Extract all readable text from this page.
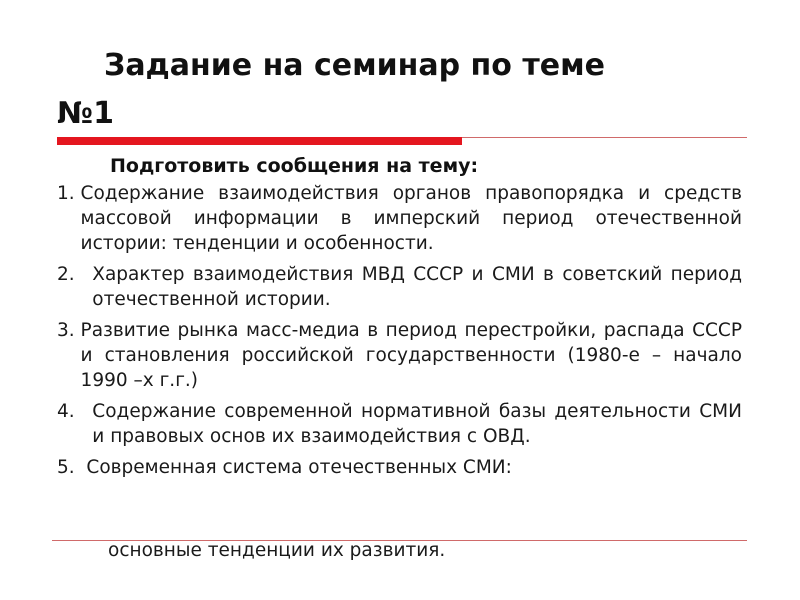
Задание на семинар по теме
№1
Подготовить сообщения на тему:
1. Содержание взаимодействия органов правопорядка и средств массовой информации в имперский период отечественной истории: тенденции и особенности.
2. Характер взаимодействия МВД СССР и СМИ в советский период отечественной истории.
3. Развитие рынка масс-медиа в период перестройки, распада СССР и становления российской государственности (1980-е – начало 1990 –х г.г.)
4. Содержание современной нормативной базы деятельности СМИ и правовых основ их взаимодействия с ОВД.
5. Современная система отечественных СМИ:
основные тенденции их развития.
